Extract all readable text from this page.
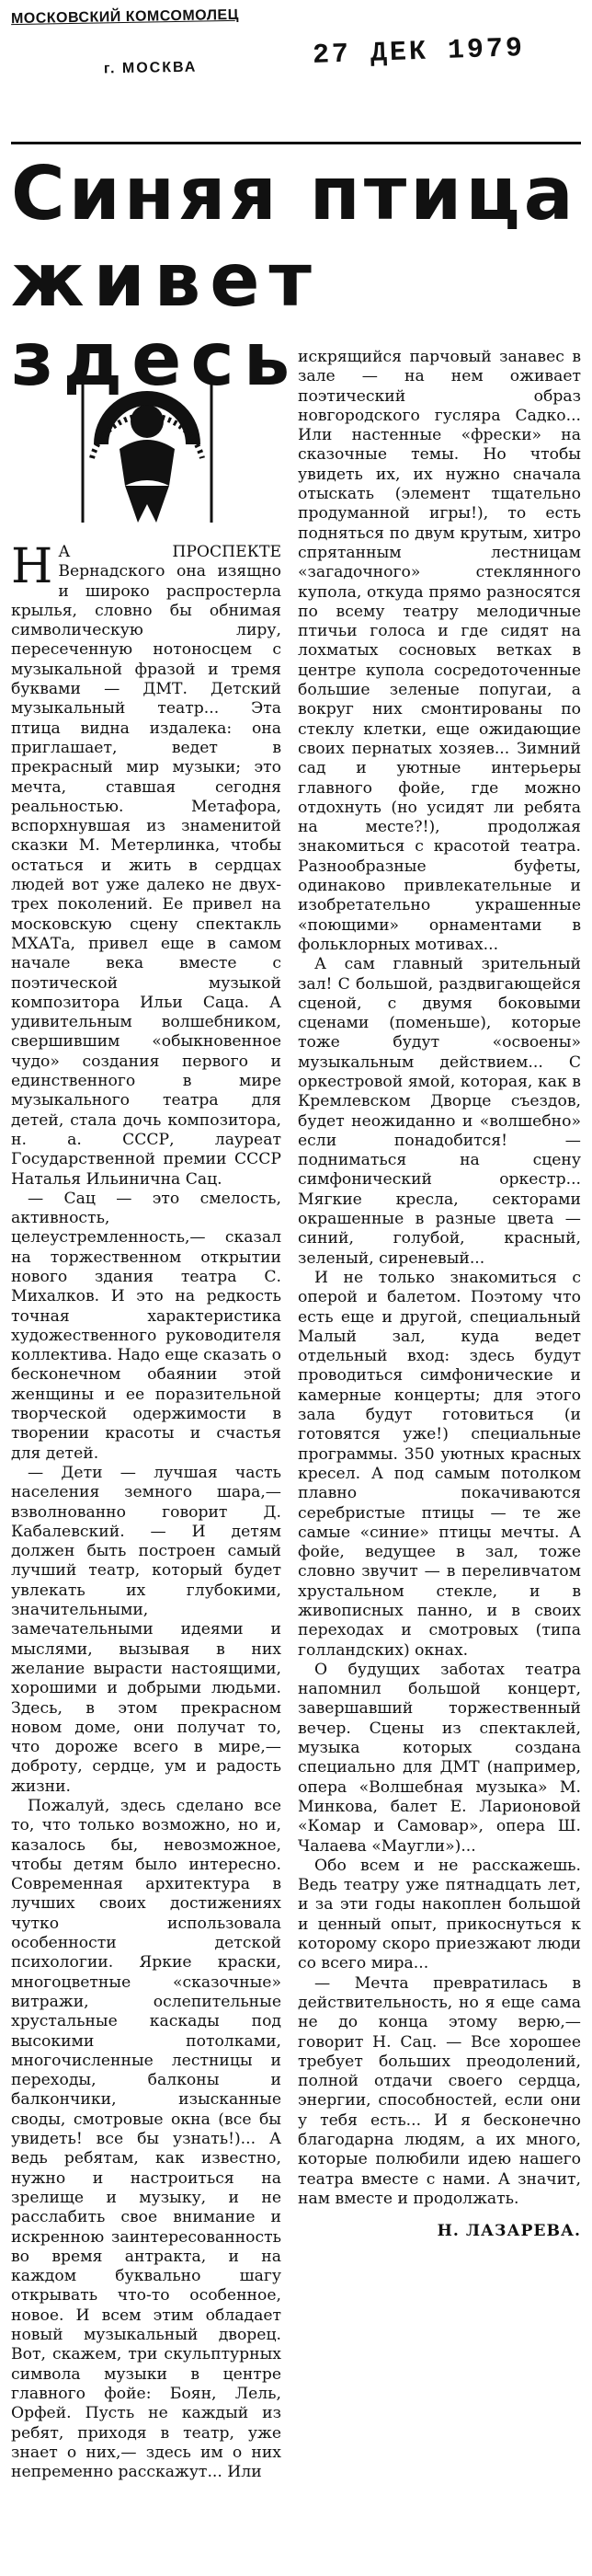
МОСКОВСКИЙ КОМСОМОЛЕЦ
г. МОСКВА	27 ДЕК 1979
Синяя птица
живет здесь

Н А ПРОСПЕКТЕ Вернадского она изящно и широко распростерла крылья, словно бы обнимая символическую лиру, пересеченную нотоносцем с музыкальной фразой и тремя буквами — ДМТ. Детский музыкальный театр... Эта птица видна издалека: она приглашает, ведет в прекрасный мир музыки; это мечта, ставшая сегодня реальностью. Метафора, вспорхнувшая из знаменитой сказки М. Метерлинка, чтобы остаться и жить в сердцах людей вот уже далеко не двух-трех поколений. Ее привел на московскую сцену спектакль МХАТа, привел еще в самом начале века вместе с поэтической музыкой композитора Ильи Саца. А удивительным волшебником, свершившим «обыкновенное чудо» создания первого и единственного в мире музыкального театра для детей, стала дочь композитора, н. а. СССР, лауреат Государственной премии СССР Наталья Ильинична Сац.

— Сац — это смелость, активность, целеустремленность,— сказал на торжественном открытии нового здания театра С. Михалков. И это на редкость точная характеристика художественного руководителя коллектива. Надо еще сказать о бесконечном обаянии этой женщины и ее поразительной творческой одержимости в творении красоты и счастья для детей.

— Дети — лучшая часть населения земного шара,— взволнованно говорит Д. Кабалевский. — И детям должен быть построен самый лучший театр, который будет увлекать их глубокими, значительными, замечательными идеями и мыслями, вызывая в них желание вырасти настоящими, хорошими и добрыми людьми. Здесь, в этом прекрасном новом доме, они получат то, что дороже всего в мире,— доброту, сердце, ум и радость жизни.

Пожалуй, здесь сделано все то, что только возможно, но и, казалось бы, невозможное, чтобы детям было интересно. Современная архитектура в лучших своих достижениях чутко использовала особенности детской психологии. Яркие краски, многоцветные «сказочные» витражи, ослепительные хрустальные каскады под высокими потолками, многочисленные лестницы и переходы, балконы и балкончики, изысканные своды, смотровые окна (все бы увидеть! все бы узнать!)... А ведь ребятам, как известно, нужно и настроиться на зрелище и музыку, и не расслабить свое внимание и искренною заинтересованность во время антракта, и на каждом буквально шагу открывать что-то особенное, новое. И всем этим обладает новый музыкальный дворец. Вот, скажем, три скульптурных символа музыки в центре главного фойе: Боян, Лель, Орфей. Пусть не каждый из ребят, приходя в театр, уже знает о них,— здесь им о них непременно расскажут... Или

искрящийся парчовый занавес в зале — на нем оживает поэтический образ новгородского гусляра Садко... Или настенные «фрески» на сказочные темы. Но чтобы увидеть их, их нужно сначала отыскать (элемент тщательно продуманной игры!), то есть подняться по двум крутым, хитро спрятанным лестницам «загадочного» стеклянного купола, откуда прямо разносятся по всему театру мелодичные птичьи голоса и где сидят на лохматых сосновых ветках в центре купола сосредоточенные большие зеленые попугаи, а вокруг них смонтированы по стеклу клетки, еще ожидающие своих пернатых хозяев... Зимний сад и уютные интерьеры главного фойе, где можно отдохнуть (но усидят ли ребята на месте?!), продолжая знакомиться с красотой театра. Разнообразные буфеты, одинаково привлекательные и изобретательно украшенные «поющими» орнаментами в фольклорных мотивах...

А сам главный зрительный зал! С большой, раздвигающейся сценой, с двумя боковыми сценами (поменьше), которые тоже будут «освоены» музыкальным действием... С оркестровой ямой, которая, как в Кремлевском Дворце съездов, будет неожиданно и «волшебно» если понадобится! — подниматься на сцену симфонический оркестр... Мягкие кресла, секторами окрашенные в разные цвета — синий, голубой, красный, зеленый, сиреневый...

И не только знакомиться с оперой и балетом. Поэтому что есть еще и другой, специальный Малый зал, куда ведет отдельный вход: здесь будут проводиться симфонические и камерные концерты; для этого зала будут готовиться (и готовятся уже!) специальные программы. 350 уютных красных кресел. А под самым потолком плавно покачиваются серебристые птицы — те же самые «синие» птицы мечты. А фойе, ведущее в зал, тоже словно звучит — в переливчатом хрустальном стекле, и в живописных панно, и в своих переходах и смотровых (типа голландских) окнах.

О будущих заботах театра напомнил большой концерт, завершавший торжественный вечер. Сцены из спектаклей, музыка которых создана специально для ДМТ (например, опера «Волшебная музыка» М. Минкова, балет Е. Ларионовой «Комар и Самовар», опера Ш. Чалаева «Маугли»)...

Обо всем и не расскажешь. Ведь театру уже пятнадцать лет, и за эти годы накоплен большой и ценный опыт, прикоснуться к которому скоро приезжают люди со всего мира...

— Мечта превратилась в действительность, но я еще сама не до конца этому верю,— говорит Н. Сац. — Все хорошее требует больших преодолений, полной отдачи своего сердца, энергии, способностей, если они у тебя есть... И я бесконечно благодарна людям, а их много, которые полюбили идею нашего театра вместе с нами. А значит, нам вместе и продолжать.

Н. ЛАЗАРЕВА.
